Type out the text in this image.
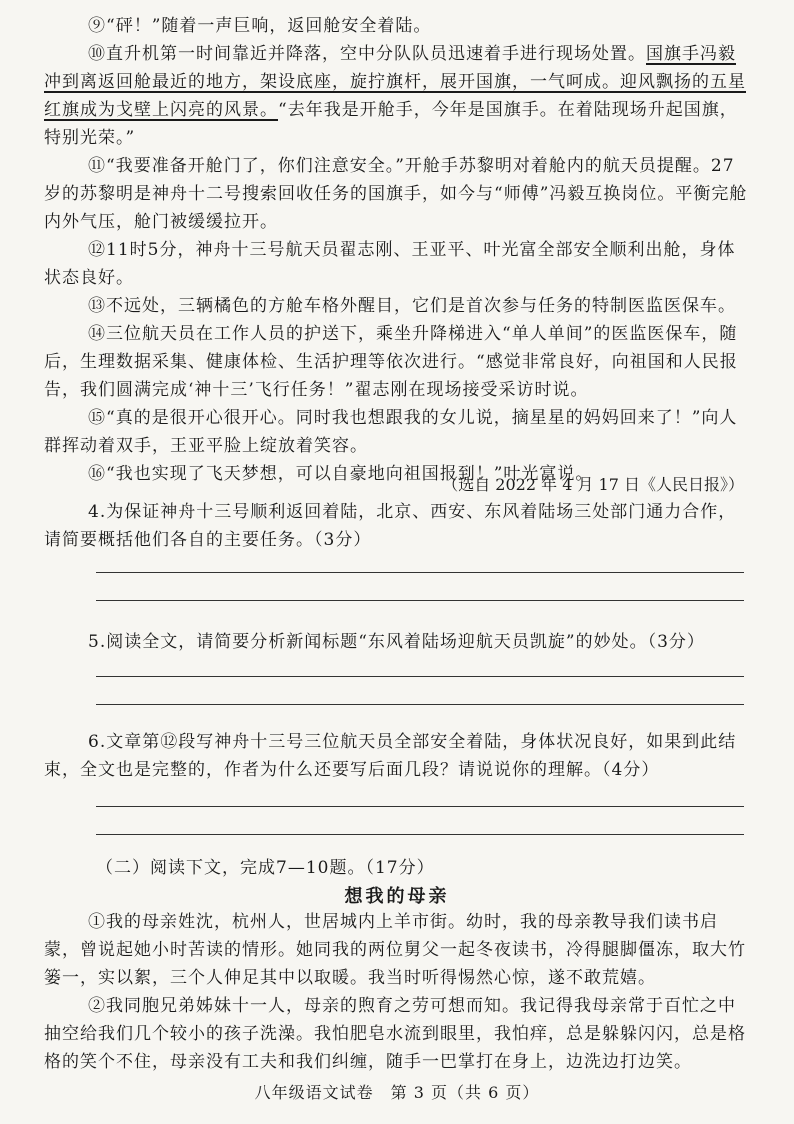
⑨“砰！”随着一声巨响，返回舱安全着陆。

⑩直升机第一时间靠近并降落，空中分队队员迅速着手进行现场处置。国旗手冯毅冲到离返回舱最近的地方，架设底座，旋拧旗杆，展开国旗，一气呵成。迎风飘扬的五星红旗成为戈壁上闪亮的风景。“去年我是开舱手，今年是国旗手。在着陆现场升起国旗，特别光荣。”

⑪“我要准备开舱门了，你们注意安全。”开舱手苏黎明对着舱内的航天员提醒。27岁的苏黎明是神舟十二号搜索回收任务的国旗手，如今与“师傅”冯毅互换岗位。平衡完舱内外气压，舱门被缓缓拉开。

⑫11时5分，神舟十三号航天员翟志刚、王亚平、叶光富全部安全顺利出舱，身体状态良好。

⑬不远处，三辆橘色的方舱车格外醒目，它们是首次参与任务的特制医监医保车。

⑭三位航天员在工作人员的护送下，乘坐升降梯进入“单人单间”的医监医保车，随后，生理数据采集、健康体检、生活护理等依次进行。“感觉非常良好，向祖国和人民报告，我们圆满完成‘神十三’飞行任务！”翟志刚在现场接受采访时说。

⑮“真的是很开心很开心。同时我也想跟我的女儿说，摘星星的妈妈回来了！”向人群挥动着双手，王亚平脸上绽放着笑容。

⑯“我也实现了飞天梦想，可以自豪地向祖国报到！”叶光富说。

（选自 2022 年 4 月 17 日《人民日报》）

4.为保证神舟十三号顺利返回着陆，北京、西安、东风着陆场三处部门通力合作，请简要概括他们各自的主要任务。（3分）

5.阅读全文，请简要分析新闻标题“东风着陆场迎航天员凯旋”的妙处。（3分）

6.文章第⑫段写神舟十三号三位航天员全部安全着陆，身体状况良好，如果到此结束，全文也是完整的，作者为什么还要写后面几段？请说说你的理解。（4分）

（二）阅读下文，完成7—10题。（17分）

想我的母亲

①我的母亲姓沈，杭州人，世居城内上羊市街。幼时，我的母亲教导我们读书启蒙，曾说起她小时苦读的情形。她同我的两位舅父一起冬夜读书，冷得腿脚僵冻，取大竹篓一，实以絮，三个人伸足其中以取暖。我当时听得惕然心惊，遂不敢荒嬉。

②我同胞兄弟姊妹十一人，母亲的煦育之劳可想而知。我记得我母亲常于百忙之中抽空给我们几个较小的孩子洗澡。我怕肥皂水流到眼里，我怕痒，总是躲躲闪闪，总是格格的笑个不住，母亲没有工夫和我们纠缠，随手一巴掌打在身上，边洗边打边笑。

八年级语文试卷　第 3 页（共 6 页）
